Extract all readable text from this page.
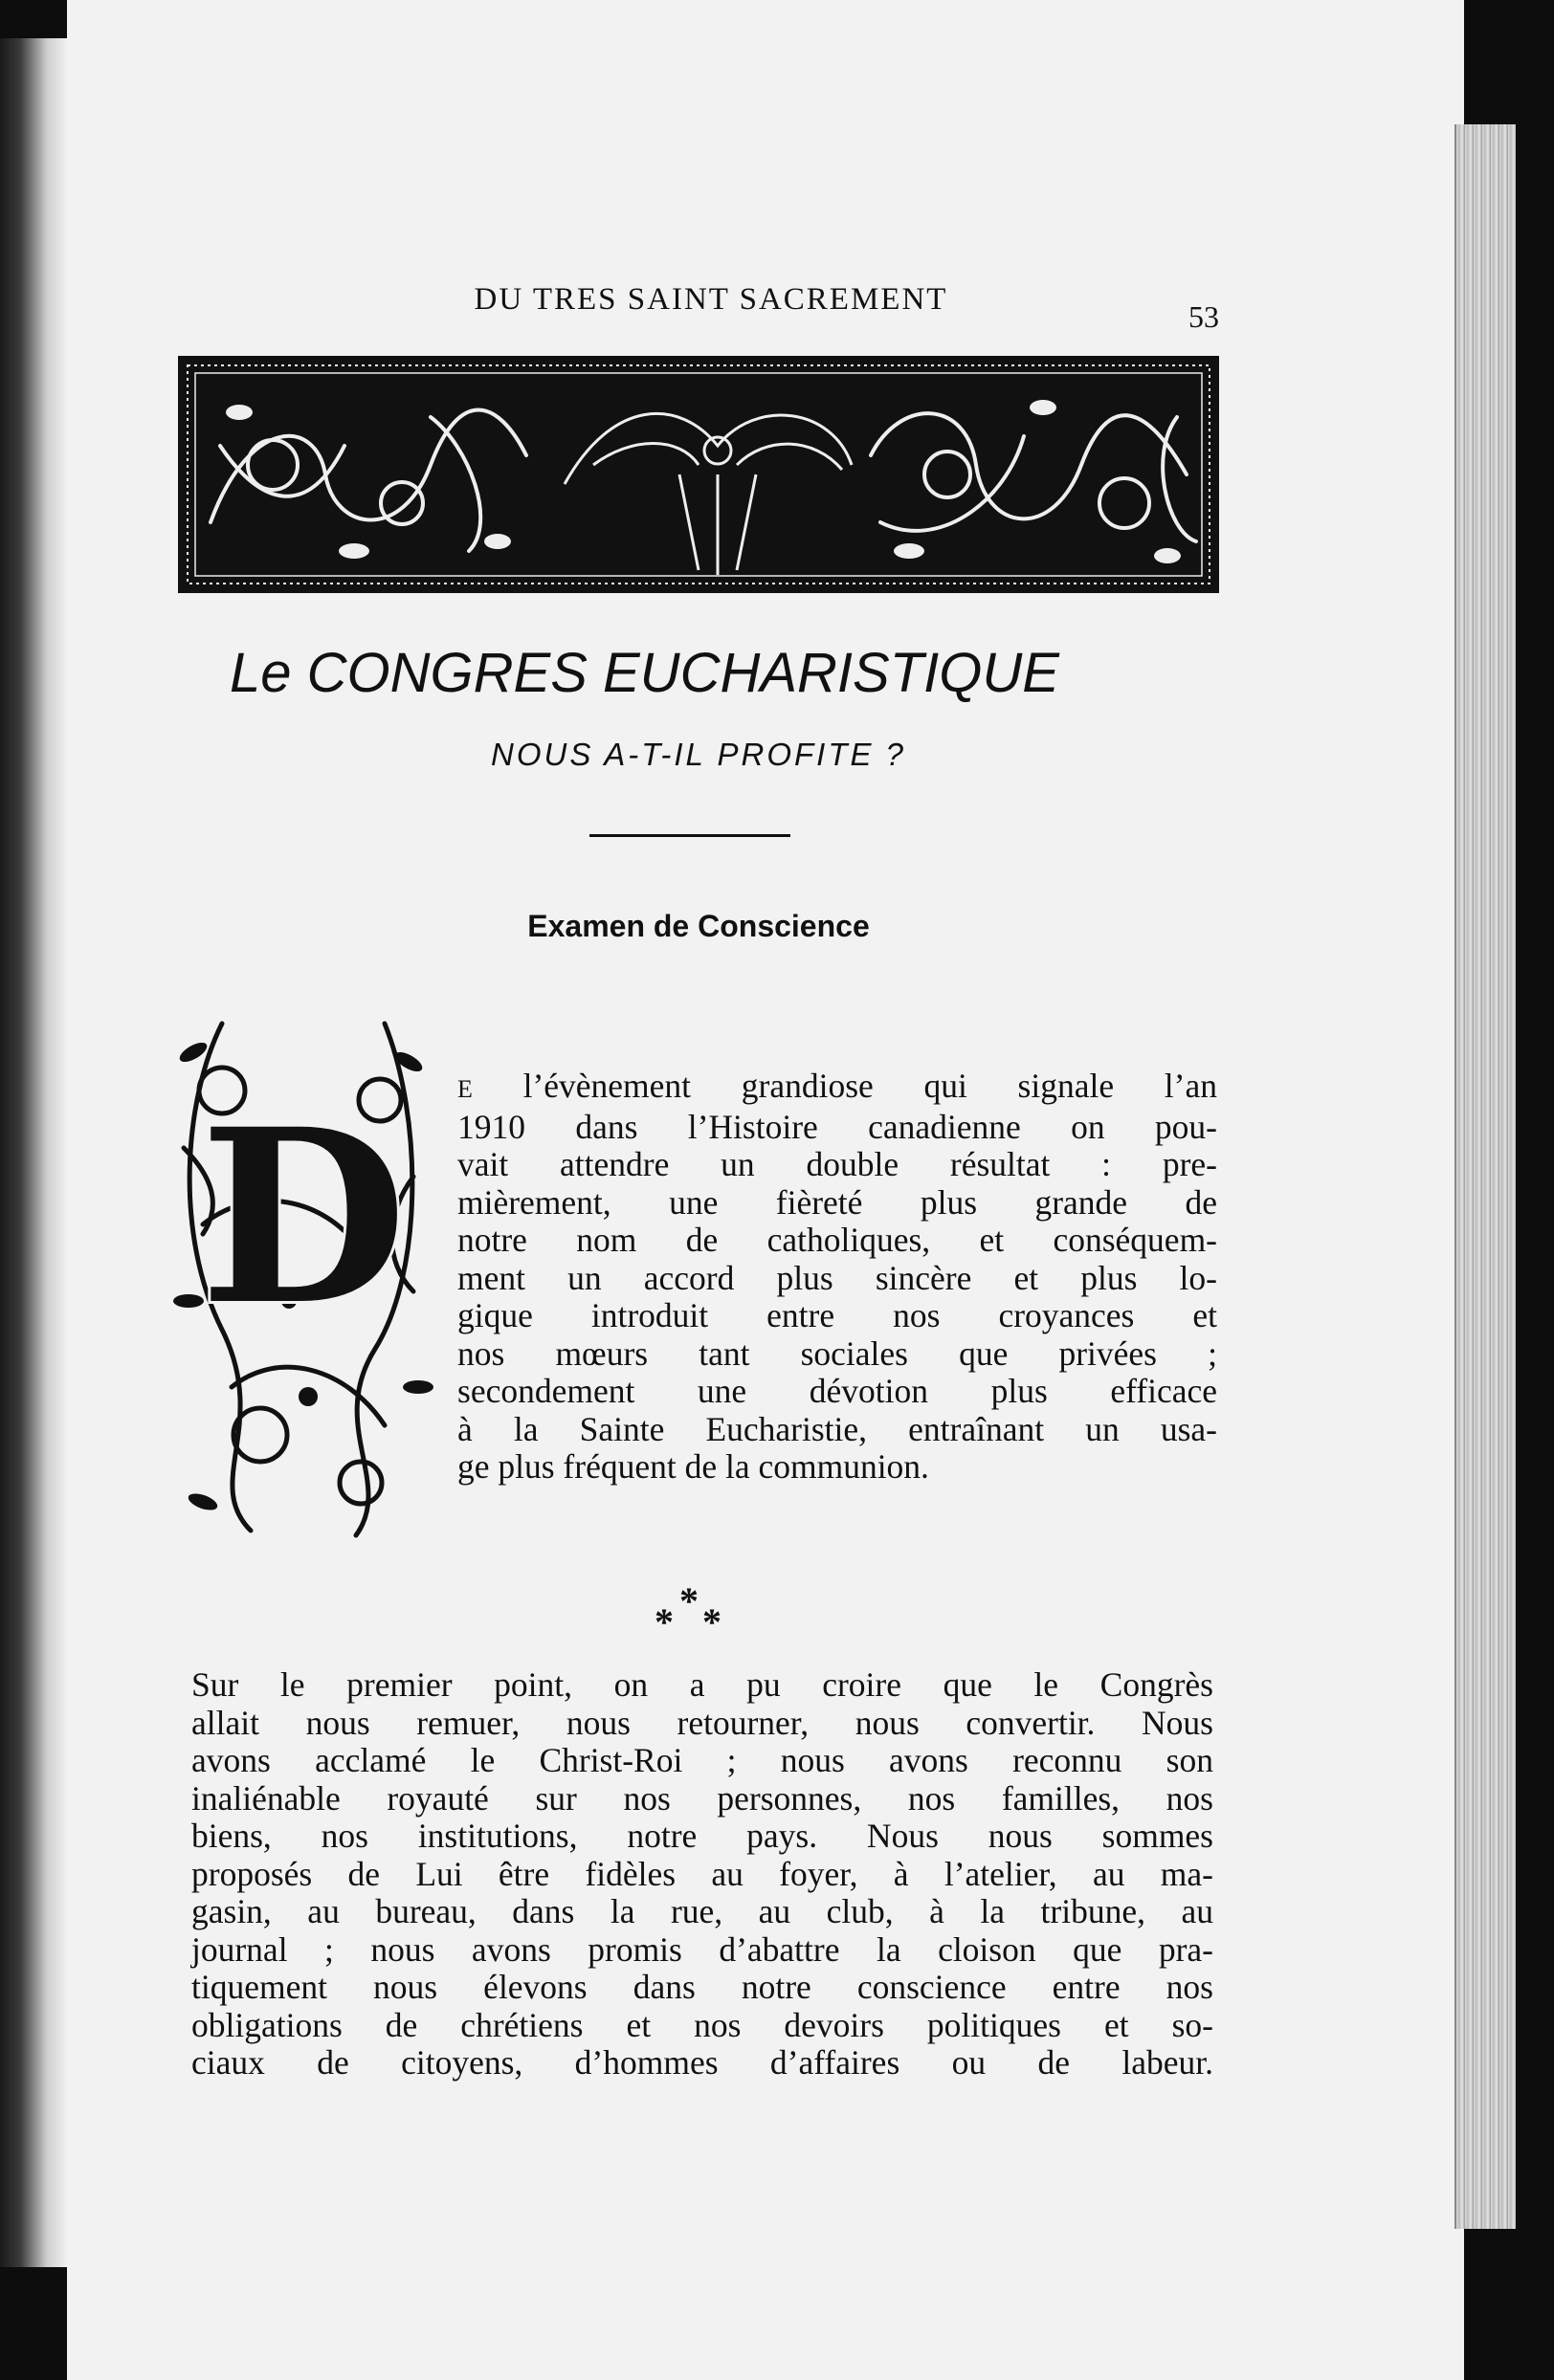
DU TRES SAINT SACREMENT	53
Le CONGRES EUCHARISTIQUE
NOUS A-T-IL PROFITE ?
Examen de Conscience
D E l’évènement grandiose qui signale l’an
1910 dans l’Histoire canadienne on pou-
vait attendre un double résultat : pre-
mièrement, une fièreté plus grande de
notre nom de catholiques, et conséquem-
ment un accord plus sincère et plus lo-
gique introduit entre nos croyances et
nos mœurs tant sociales que privées ;
secondement une dévotion plus efficace
à la Sainte Eucharistie, entraînant un usa-
ge plus fréquent de la communion.

*
* *

Sur le premier point, on a pu croire que le Congrès
allait nous remuer, nous retourner, nous convertir. Nous
avons acclamé le Christ-Roi ; nous avons reconnu son
inaliénable royauté sur nos personnes, nos familles, nos
biens, nos institutions, notre pays. Nous nous sommes
proposés de Lui être fidèles au foyer, à l’atelier, au ma-
gasin, au bureau, dans la rue, au club, à la tribune, au
journal ; nous avons promis d’abattre la cloison que pra-
tiquement nous élevons dans notre conscience entre nos
obligations de chrétiens et nos devoirs politiques et so-
ciaux de citoyens, d’hommes d’affaires ou de labeur.
